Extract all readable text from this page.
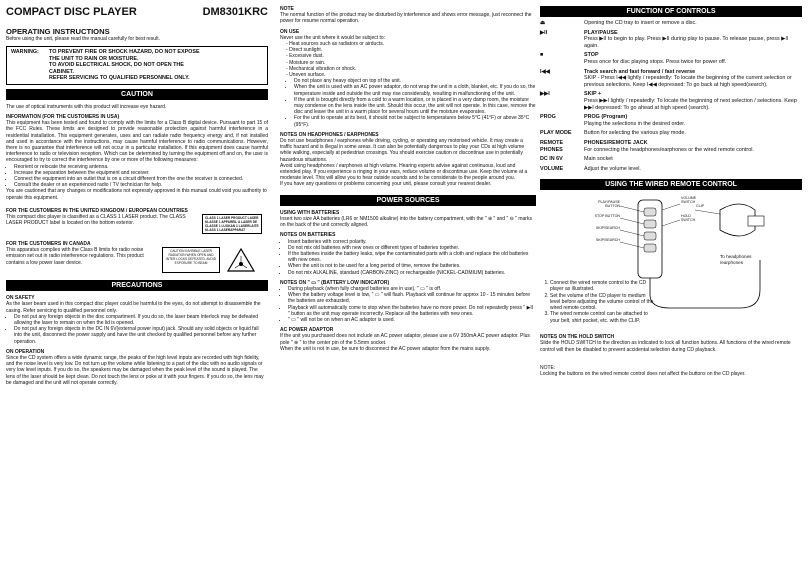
COMPACT DISC PLAYER	DM8301KRC

OPERATING INSTRUCTIONS

Before using the unit, please read the manual carefully for best result.

WARNING: TO PREVENT FIRE OR SHOCK HAZARD, DO NOT EXPOSE
THE UNIT TO RAIN OR MOISTURE.
TO AVOID ELECTRICAL SHOCK, DO NOT OPEN THE
CABINET.
REFER SERVICING TO QUALIFIED PERSONNEL ONLY.
CAUTION

The use of optical instruments with this product will increase eye hazard.

INFORMATION (FOR THE CUSTOMERS IN USA)

This equipment has been tested and found to comply with the limits for a Class B digital device. Pursuant to part 15 of the FCC Rules. These limits are designed to provide reasonable protection against harmful interference in a residential installation. This equipment generates, uses and can radiate radio frequency energy and, if not installed and used in accordance with the instructions, may cause harmful interference to radio communications. However, there is no guarantee that interference will not occur in a particular installation. If this equipment does cause harmful interference to radio or television reception. Which can be determined by turning the equipment off and on, the user is encouraged to try to correct the interference by one or more of the following measures:

• Reorient or relocate the receiving antenna.
• Increase the separation between the equipment and receiver.
• Connect the equipment into an outlet that is on a circuit different from the one the receiver is connected.
• Consult the dealer or an experienced radio / TV technician for help.

You are cautioned that any changes or modifications not expressly approved in this manual could void you authority to operate this equipment.

FOR THE CUSTOMERS IN THE UNITED KINGDOM / EUROPEAN COUNTRIES

This compact disc player is classified as a CLASS 1 LASER product. The CLASS LASER PRODUCT label is located on the bottom exterior.

CLASS 1 LASER PRODUCT LASER KLASSE 1 APPAREIL A LASER DE CLASSE 1 LUOKAN 1 LASERLAITE KLASS 1 LASERAPPARAT

FOR THE CUSTOMERS IN CANADA

This apparatus complies with the Class B limits for radio noise emission set out in radio interference regulations. This product contains a low power laser device.

CAUTION INVISIBLE LASER RADIATION WHEN OPEN AND INTER LOCKS DEFEATED. AVOID EXPOSURE TO BEAM
PRECAUTIONS

ON SAFETY

As the laser beam used in this compact disc player could be harmful to the eyes, do not attempt to disassemble the casing. Refer servicing to qualified personnel only.

• Do not put any foreign objects in the disc compartment. If you do so, the laser beam interlock may be defeated allowing the laser to remain on when the lid is opened.
• Do not put any foreign objects in the DC IN 6V(external power input) jack. Should any solid objects or liquid fall into the unit, disconnect the power supply and have the unit checked by qualified personnel before any further operation.

ON OPERATION

Since the CD system offers a wide dynamic range, the peaks of the high level inputs are recorded with high fidelity, and the noise level is very low. Do not turn up the volume while listening to a part of the disc with no audio signals or very low level inputs. If you do so, the speakers may be damaged when the peak level of the sound is played. The lens of the laser should be kept clean. Do not touch the lens or poke at it with your fingers. If you do so, the lens may be damaged and the unit will not operate correctly.

NOTE

The normal function of the product may be disturbed by interference and shows error message, just reconnect the power for resume normal operation.

ON USE

Never use the unit where it would be subject to:

- Heat sources such as radiators or airducts.
- Direct sunlight.
- Excessive dust.
- Moisture or rain.
- Mechanical vibration or shock.
- Uneven surface.
• Do not place any heavy object on top of the unit.
• When the unit is used with an AC power adaptor, do not wrap the unit in a cloth, blanket, etc. If you do so, the temperature inside and outside the unit may rise considerably, resulting in malfunctioning of the unit.
• If the unit is brought directly from a cold to a warm location, or is placed in a very damp room, the moisture may condense on the lens inside the unit. Should this occur, the unit will not operate. In this case, remove the disc and leave the unit in a warm place for several hours until the moisture evaporates.
• For the unit to operate at its best, it should not be subject to temperatures below 5°C (41°F) or above 35°C (95°F).

NOTES ON HEADPHONES / EARPHONES

Do not use headphones / earphones while driving, cycling, or operating any motorised vehicle. It may create a traffic hazard and is illegal in some areas. It can also be potentially dangerous to play your CDs at high volume while walking, especially at pedestrian crossings. You should exercise caution or discontinue use in potentially hazardous situations.

Avoid using headphones / earphones at high volume. Hearing experts advise against continuous, loud and extended play. If you experience a ringing in your ears, reduce volume or discontinue use. Keep the volume at a moderate level. This will allow you to hear outside sounds and to be considerate to the people around you.

If you have any questions or problems concerning your unit, please consult your nearest dealer.

POWER SOURCES

USING WITH BATTERIES

Insert two size AA batteries (LR6 or NM1500 alkaline) into the battery compartment, with the " ⊕ " and " ⊖ " marks on the back of the unit correctly aligned.

NOTES ON BATTERIES

• Insert batteries with correct polarity.
• Do not mix old batteries with new ones or different types of batteries together.
• If the batteries inside the battery leaks, wipe the contaminated parts with a cloth and replace the old batteries with new ones.
• When the unit is not to be used for a long period of time, remove the batteries.
• Do not mix ALKALINE, standard (CARBON-ZINC) or rechargeable (NICKEL-CADMIUM) batteries.

NOTES ON " ▭ " (BATTERY LOW INDICATOR)

• During playback (when fully charged batteries are in use), " ▭ " is off.
• When the battery voltage level is low, " ▭ " will flash. Playback will continue for approx 10 - 15 minutes before the batteries are exhausted.
• Playback will automatically come to stop when the batteries have no more power. Do not repeatedly press " ▶II " button as the unit may operate incorrectly. Replace all the batteries with new ones.
• " ▭ " will not be on when an AC adaptor is used.

AC POWER ADAPTOR

If the unit you purchased does not include an AC power adaptor, please use a 6V 350mA AC power adaptor. Plus pole " ⊕ " to the center pin of the 5.5mm socket.

When the unit is not in use, be sure to disconnect the AC power adaptor from the mains supply.

FUNCTION OF CONTROLS
⏏	Opening the CD tray to insert or remove a disc.
▶II	PLAY/PAUSE
Press ▶II to begin to play. Press ▶II during play to pause. To release pause, press ▶II again.
■	STOP
Press once for disc playing stops. Press twice for power off.
I◀◀	Track search and fast forward / fast reverse
SKIP - Press I◀◀ lightly / repeatedly: To locate the beginning of the current selection or previous selections. Keep I◀◀ depressed: To go back at high speed(search).
▶▶I	SKIP +
Press ▶▶I lightly / repeatedly: To locate the beginning of next selection / selections. Keep ▶▶I depressed: To go ahead at high speed (search).
PROG	PROG (Program)
Playing the selections in the desired order.
PLAY MODE	Button for selecting the various play mode.
REMOTE PHONES
PHONES/REMOTE JACK
For connecting the headphones/earphones or the wired remote control.
DC IN 6V	Main socket
VOLUME	Adjust the volume level.
USING THE WIRED REMOTE CONTROL
PLAY/PAUSE BUTTON
STOP BUTTON
SKIP/SEARCH
SKIP/SEARCH
VOLUME SWITCH
HOLD SWITCH
CLIP
To headphones /earphones
1. Connect the wired remote control to the CD player as illustrated.
2. Set the volume of the CD player to medium level before adjusting the volume control of the wired remote control.
3. The wired remote control can be attached to your belt, shirt pocket, etc. with the CLIP.

NOTES ON THE HOLD SWITCH

Slide the HOLD SWITCH to the direction as indicated to lock all function buttons. All functions of the wired remote control will then be disabled to prevent accidental selection during CD playback.

NOTE:

Locking the buttons on the wired remote control does not affect the buttons on the CD player.
